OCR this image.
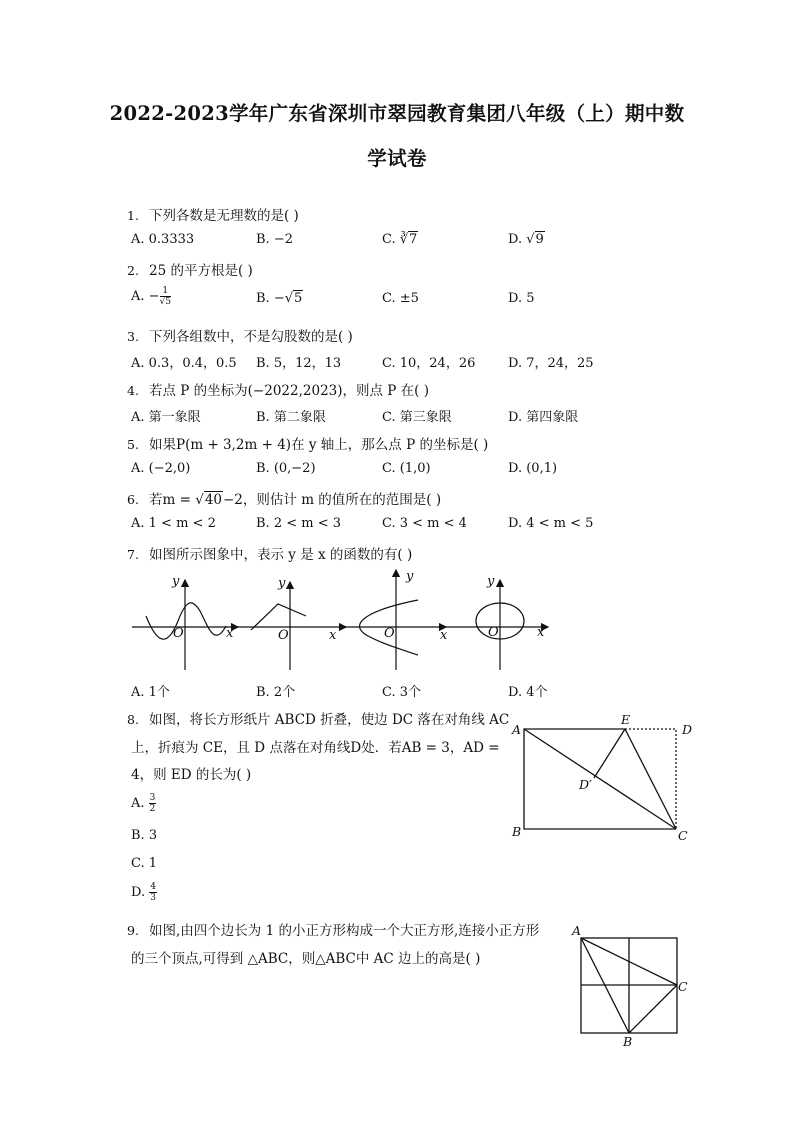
2022-2023学年广东省深圳市翠园教育集团八年级（上）期中数
学试卷
1. 下列各数是无理数的是( )
A. 0.3333	B. −2	C. ∛7	D. √9
2. 25 的平方根是( )
A. − $\frac{1}{√5}$	B. −√5	C. ±5	D. 5
3. 下列各组数中，不是勾股数的是( )
A. 0.3，0.4，0.5 B. 5，12，13	C. 10，24，26	D. 7，24，25
4. 若点 P 的坐标为(−2022,2023)，则点 P 在( )
A. 第一象限	B. 第二象限	C. 第三象限	D. 第四象限
5. 如果P(m + 3,2m + 4)在 y 轴上，那么点 P 的坐标是( )
A. (−2,0)	B. (0,−2)	C. (1,0)	D. (0,1)
6. 若m = √40−2，则估计 m 的值所在的范围是( )
A. 1 < m < 2	B. 2 < m < 3	C. 3 < m < 4	D. 4 < m < 5
7. 如图所示图象中，表示 y 是 x 的函数的有( )
y
O	x
y
O	x
y
O	x
y
O	x
A. 1个	B. 2个	C. 3个	D. 4个
8. 如图，将长方形纸片 ABCD 折叠，使边 DC 落在对角线 AC
上，折痕为 CE，且 D 点落在对角线D处．若AB = 3，AD =
4，则 ED 的长为( )
A. $\frac{3}{2}$
B. 3
C. 1
D. $\frac{4}{3}$
A
E
D
D′
B	C
9. 如图,由四个边长为 1 的小正方形构成一个大正方形,连接小正方形
的三个顶点,可得到 △ABC，则△ABC中 AC 边上的高是( )
A
C
B
